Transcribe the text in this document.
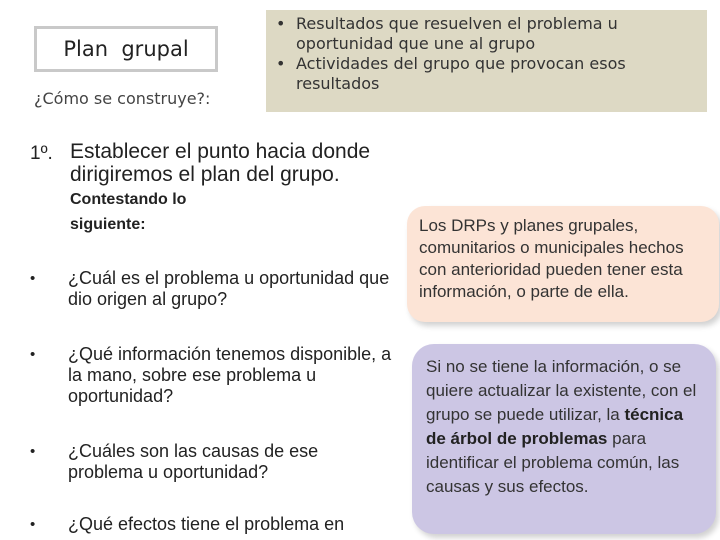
Plan  grupal
¿Cómo se construye?:
• Resultados que resuelven el problema u oportunidad que une al grupo
• Actividades del grupo que provocan esos resultados
1º. Establecer el punto hacia donde dirigiremos el plan del grupo. Contestando lo
siguiente:
• ¿Cuál es el problema u oportunidad que dio origen al grupo?
• ¿Qué información tenemos disponible, a la mano, sobre ese problema u oportunidad?
• ¿Cuáles son las causas de ese problema u oportunidad?
• ¿Qué efectos tiene el problema en
Los DRPs y planes grupales, comunitarios o municipales hechos con anterioridad pueden tener esta información, o parte de ella.
Si no se tiene la información, o se quiere actualizar la existente, con el grupo se puede utilizar, la técnica de árbol de problemas para identificar el problema común, las causas y sus efectos.
